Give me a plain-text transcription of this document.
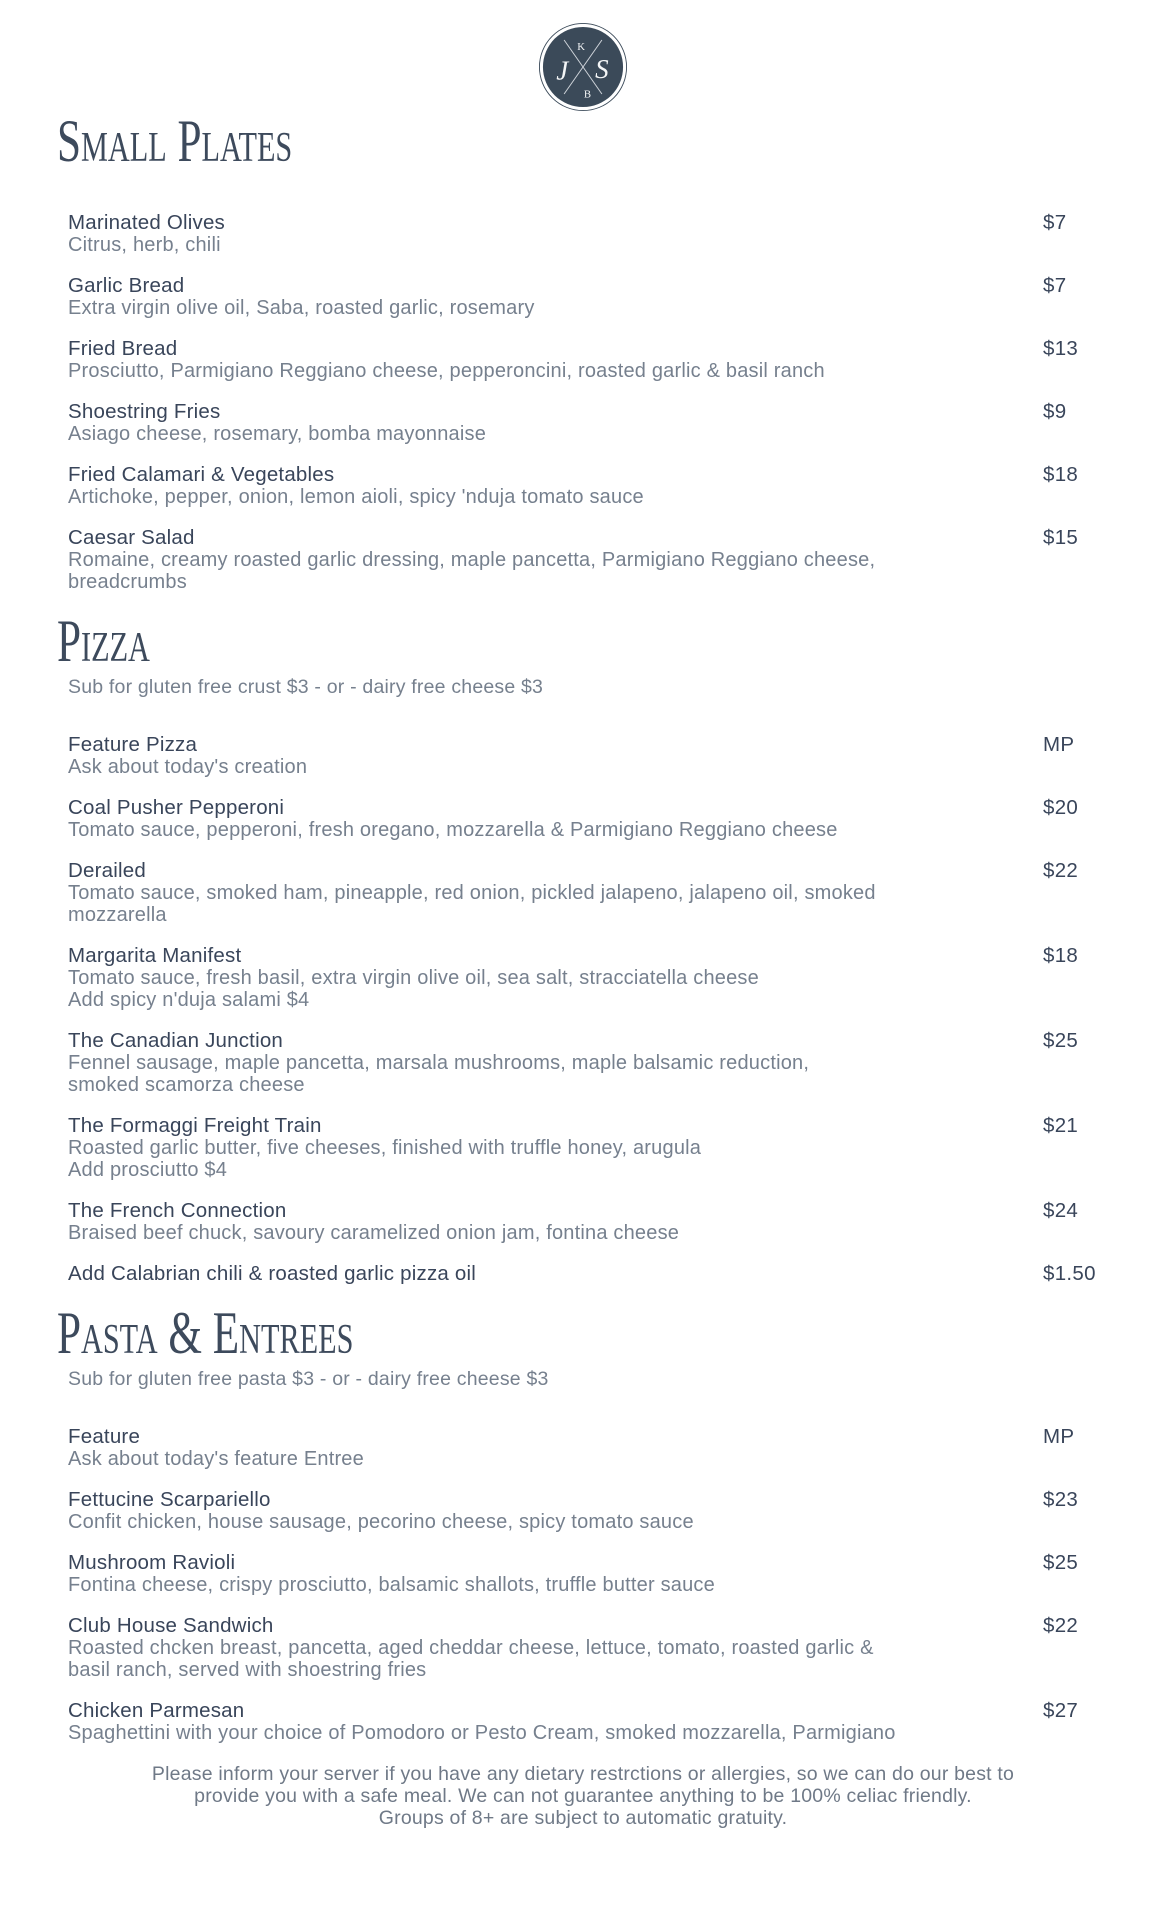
K
J S
B
Small Plates
Marinated Olives
Citrus, herb, chili
$7
Garlic Bread
Extra virgin olive oil, Saba, roasted garlic, rosemary
$7
Fried Bread
Prosciutto, Parmigiano Reggiano cheese, pepperoncini, roasted garlic & basil ranch
$13
Shoestring Fries
Asiago cheese, rosemary, bomba mayonnaise
$9
Fried Calamari & Vegetables
Artichoke, pepper, onion, lemon aioli, spicy 'nduja tomato sauce
$18
Caesar Salad
Romaine, creamy roasted garlic dressing, maple pancetta, Parmigiano Reggiano cheese,
breadcrumbs
$15
Pizza
Sub for gluten free crust $3 - or - dairy free cheese $3
Feature Pizza
Ask about today's creation
MP
Coal Pusher Pepperoni
Tomato sauce, pepperoni, fresh oregano, mozzarella & Parmigiano Reggiano cheese
$20
Derailed
Tomato sauce, smoked ham, pineapple, red onion, pickled jalapeno, jalapeno oil, smoked mozzarella
$22
Margarita Manifest
Tomato sauce, fresh basil, extra virgin olive oil, sea salt, stracciatella cheese
Add spicy n'duja salami $4
$18
The Canadian Junction
Fennel sausage, maple pancetta, marsala mushrooms, maple balsamic reduction,
smoked scamorza cheese
$25
The Formaggi Freight Train
Roasted garlic butter, five cheeses, finished with truffle honey, arugula
Add prosciutto $4
$21
The French Connection
Braised beef chuck, savoury caramelized onion jam, fontina cheese
$24
Add Calabrian chili & roasted garlic pizza oil	$1.50
Pasta & Entrees
Sub for gluten free pasta $3 - or - dairy free cheese $3
Feature
Ask about today's feature Entree
MP
Fettucine Scarpariello
Confit chicken, house sausage, pecorino cheese, spicy tomato sauce
$23
Mushroom Ravioli
Fontina cheese, crispy prosciutto, balsamic shallots, truffle butter sauce
$25
Club House Sandwich
Roasted chcken breast, pancetta, aged cheddar cheese, lettuce, tomato, roasted garlic &
basil ranch, served with shoestring fries
$22
Chicken Parmesan
Spaghettini with your choice of Pomodoro or Pesto Cream, smoked mozzarella, Parmigiano
$27
Please inform your server if you have any dietary restrctions or allergies, so we can do our best to
provide you with a safe meal. We can not guarantee anything to be 100% celiac friendly.
Groups of 8+ are subject to automatic gratuity.
